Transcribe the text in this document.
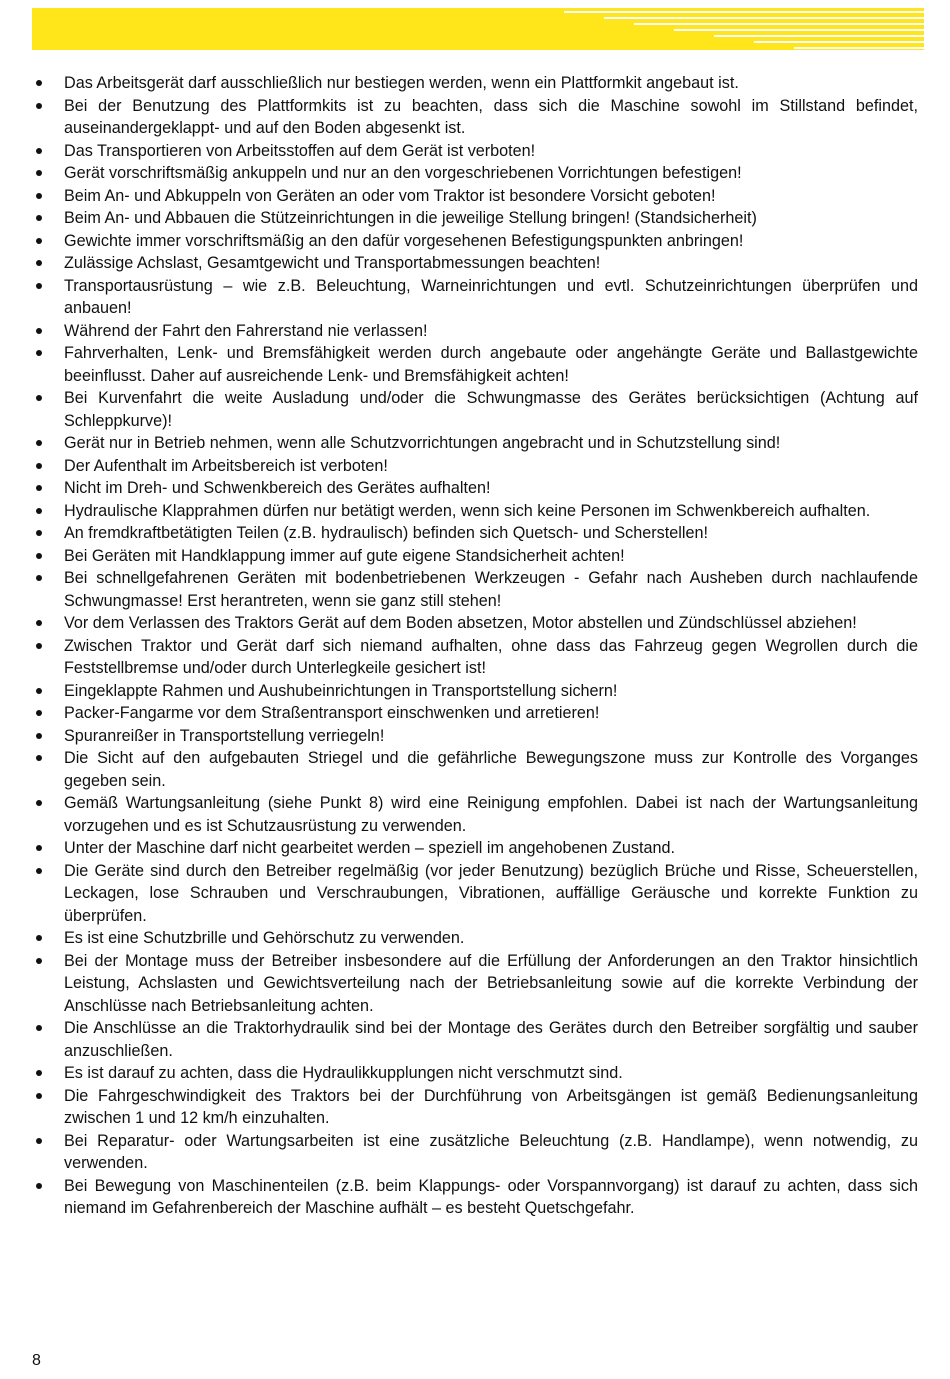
Das Arbeitsgerät darf ausschließlich nur bestiegen werden, wenn ein Plattformkit angebaut ist.
Bei der Benutzung des Plattformkits ist zu beachten, dass sich die Maschine sowohl im Stillstand befindet, auseinandergeklappt- und auf den Boden abgesenkt ist.
Das Transportieren von Arbeitsstoffen auf dem Gerät ist verboten!
Gerät vorschriftsmäßig ankuppeln und nur an den vorgeschriebenen Vorrichtungen befestigen!
Beim An- und Abkuppeln von Geräten an oder vom Traktor ist besondere Vorsicht geboten!
Beim An- und Abbauen die Stützeinrichtungen in die jeweilige Stellung bringen! (Standsicherheit)
Gewichte immer vorschriftsmäßig an den dafür vorgesehenen Befestigungspunkten anbringen!
Zulässige Achslast, Gesamtgewicht und Transportabmessungen beachten!
Transportausrüstung – wie z.B. Beleuchtung, Warneinrichtungen und evtl. Schutzeinrichtungen überprüfen und anbauen!
Während der Fahrt den Fahrerstand nie verlassen!
Fahrverhalten, Lenk- und Bremsfähigkeit werden durch angebaute oder angehängte Geräte und Ballastgewichte beeinflusst. Daher auf ausreichende Lenk- und Bremsfähigkeit achten!
Bei Kurvenfahrt die weite Ausladung und/oder die Schwungmasse des Gerätes berücksichtigen (Achtung auf Schleppkurve)!
Gerät nur in Betrieb nehmen, wenn alle Schutzvorrichtungen angebracht und in Schutzstellung sind!
Der Aufenthalt im Arbeitsbereich ist verboten!
Nicht im Dreh- und Schwenkbereich des Gerätes aufhalten!
Hydraulische Klapprahmen dürfen nur betätigt werden, wenn sich keine Personen im Schwenkbereich aufhalten.
An fremdkraftbetätigten Teilen (z.B. hydraulisch) befinden sich Quetsch- und Scherstellen!
Bei Geräten mit Handklappung immer auf gute eigene Standsicherheit achten!
Bei schnellgefahrenen Geräten mit bodenbetriebenen Werkzeugen - Gefahr nach Ausheben durch nachlaufende Schwungmasse! Erst herantreten, wenn sie ganz still stehen!
Vor dem Verlassen des Traktors Gerät auf dem Boden absetzen, Motor abstellen und Zündschlüssel abziehen!
Zwischen Traktor und Gerät darf sich niemand aufhalten, ohne dass das Fahrzeug gegen Wegrollen durch die Feststellbremse und/oder durch Unterlegkeile gesichert ist!
Eingeklappte Rahmen und Aushubeinrichtungen in Transportstellung sichern!
Packer-Fangarme vor dem Straßentransport einschwenken und arretieren!
Spuranreißer in Transportstellung verriegeln!
Die Sicht auf den aufgebauten Striegel und die gefährliche Bewegungszone muss zur Kontrolle des Vorganges gegeben sein.
Gemäß Wartungsanleitung (siehe Punkt 8) wird eine Reinigung empfohlen. Dabei ist nach der Wartungsanleitung vorzugehen und es ist Schutzausrüstung zu verwenden.
Unter der Maschine darf nicht gearbeitet werden – speziell im angehobenen Zustand.
Die Geräte sind durch den Betreiber regelmäßig (vor jeder Benutzung) bezüglich Brüche und Risse, Scheuerstellen, Leckagen, lose Schrauben und Verschraubungen, Vibrationen, auffällige Geräusche und korrekte Funktion zu überprüfen.
Es ist eine Schutzbrille und Gehörschutz zu verwenden.
Bei der Montage muss der Betreiber insbesondere auf die Erfüllung der Anforderungen an den Traktor hinsichtlich Leistung, Achslasten und Gewichtsverteilung nach der Betriebsanleitung sowie auf die korrekte Verbindung der Anschlüsse nach Betriebsanleitung achten.
Die Anschlüsse an die Traktorhydraulik sind bei der Montage des Gerätes durch den Betreiber sorgfältig und sauber anzuschließen.
Es ist darauf zu achten, dass die Hydraulikkupplungen nicht verschmutzt sind.
Die Fahrgeschwindigkeit des Traktors bei der Durchführung von Arbeitsgängen ist gemäß Bedienungsanleitung zwischen 1 und 12 km/h einzuhalten.
Bei Reparatur- oder Wartungsarbeiten ist eine zusätzliche Beleuchtung (z.B. Handlampe), wenn notwendig, zu verwenden.
Bei Bewegung von Maschinenteilen (z.B. beim Klappungs- oder Vorspannvorgang) ist darauf zu achten, dass sich niemand im Gefahrenbereich der Maschine aufhält – es besteht Quetschgefahr.
8
